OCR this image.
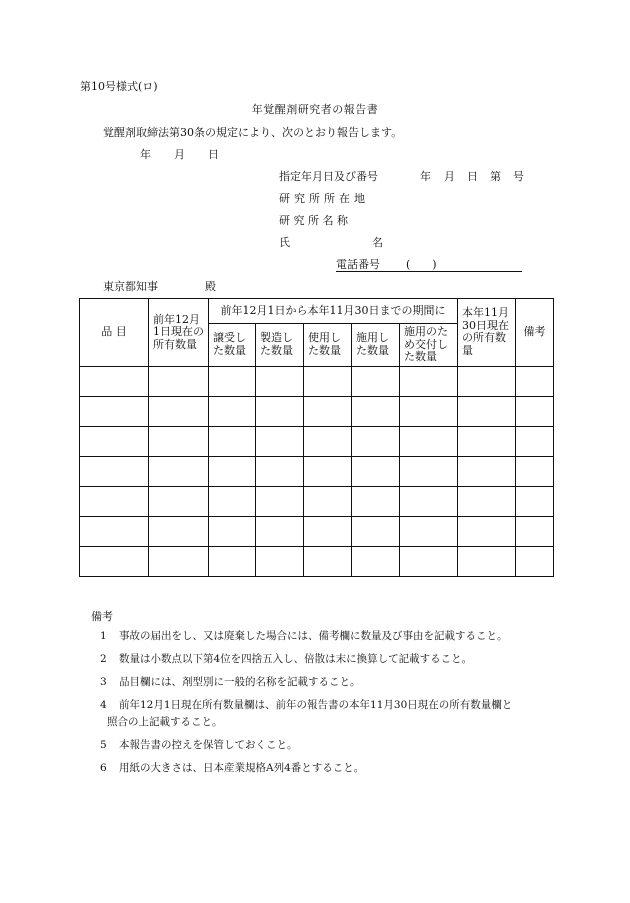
第10号様式(ロ)
年覚醒剤研究者の報告書
覚醒剤取締法第30条の規定により、次のとおり報告します。
年 月 日
指定年月日及び番号	年 月 日 第 号
研究所所在地
研 究 所 名 称
氏	名
電話番号 (　　)
東京都知事	殿
品 目	前年12月1日現在の所有数量	前年12月1日から本年11月30日までの期間に					本年11月30日現在の所有数量	備考
		譲受した数量	製造した数量	使用した数量	施用した数量	施用のため交付した数量		

備考
1 事故の届出をし、又は廃棄した場合には、備考欄に数量及び事由を記載すること。
2 数量は小数点以下第4位を四捨五入し、倍散は末に換算して記載すること。
3 品目欄には、剤型別に一般的名称を記載すること。
4 前年12月1日現在所有数量欄は、前年の報告書の本年11月30日現在の所有数量欄と
照合の上記載すること。
5 本報告書の控えを保管しておくこと。
6 用紙の大きさは、日本産業規格A列4番とすること。
